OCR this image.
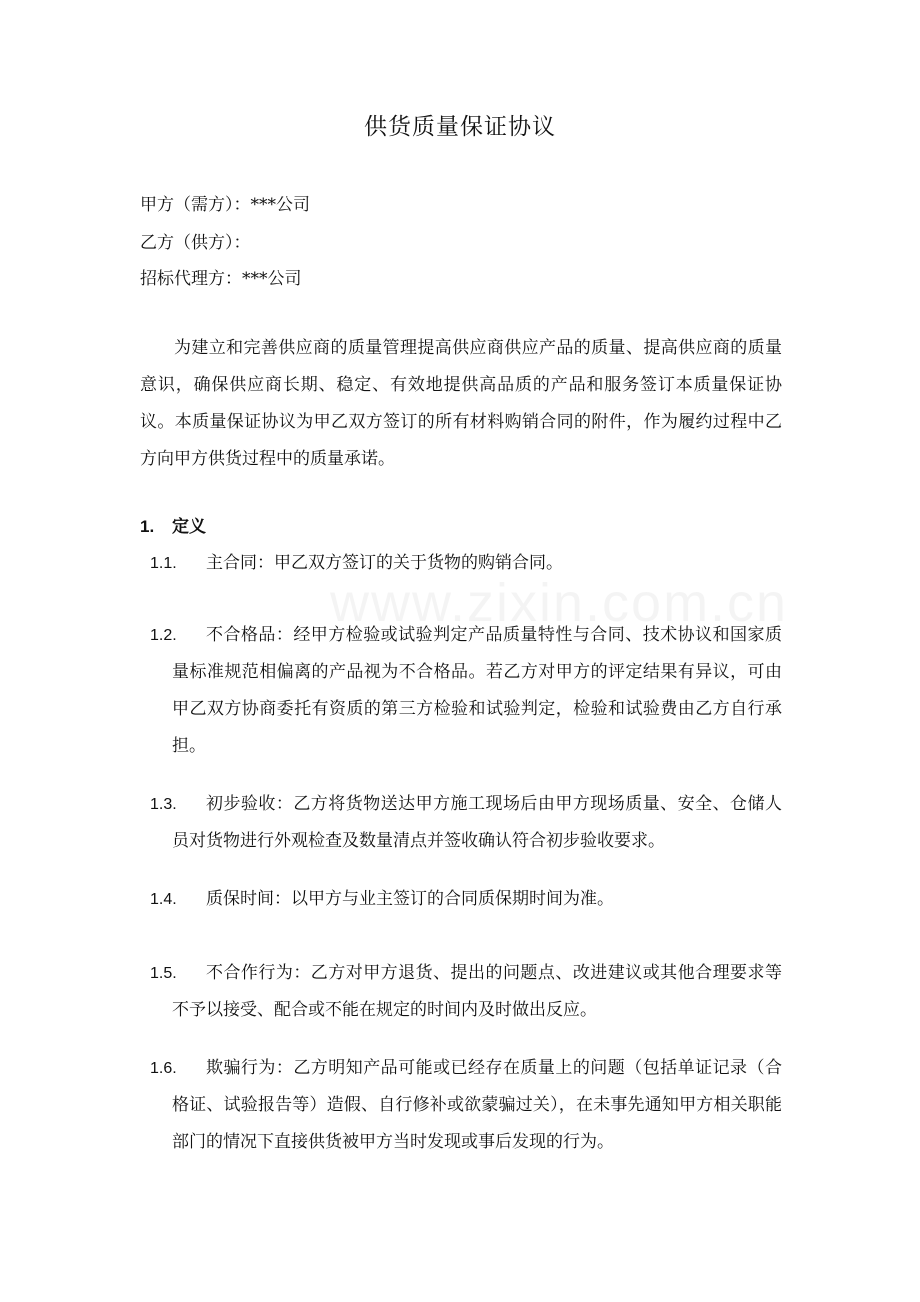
供货质量保证协议
甲方（需方）：***公司
乙方（供方）：
招标代理方：***公司
为建立和完善供应商的质量管理提高供应商供应产品的质量、提高供应商的质量意识，确保供应商长期、稳定、有效地提供高品质的产品和服务签订本质量保证协议。本质量保证协议为甲乙双方签订的所有材料购销合同的附件，作为履约过程中乙方向甲方供货过程中的质量承诺。
1. 定义
1.1.	主合同：甲乙双方签订的关于货物的购销合同。
1.2.	不合格品：经甲方检验或试验判定产品质量特性与合同、技术协议和国家质量标准规范相偏离的产品视为不合格品。若乙方对甲方的评定结果有异议，可由甲乙双方协商委托有资质的第三方检验和试验判定，检验和试验费由乙方自行承担。
1.3.	初步验收：乙方将货物送达甲方施工现场后由甲方现场质量、安全、仓储人员对货物进行外观检查及数量清点并签收确认符合初步验收要求。
1.4.	质保时间：以甲方与业主签订的合同质保期时间为准。
1.5.	不合作行为：乙方对甲方退货、提出的问题点、改进建议或其他合理要求等不予以接受、配合或不能在规定的时间内及时做出反应。
1.6.	欺骗行为：乙方明知产品可能或已经存在质量上的问题（包括单证记录（合格证、试验报告等）造假、自行修补或欲蒙骗过关），在未事先通知甲方相关职能部门的情况下直接供货被甲方当时发现或事后发现的行为。
